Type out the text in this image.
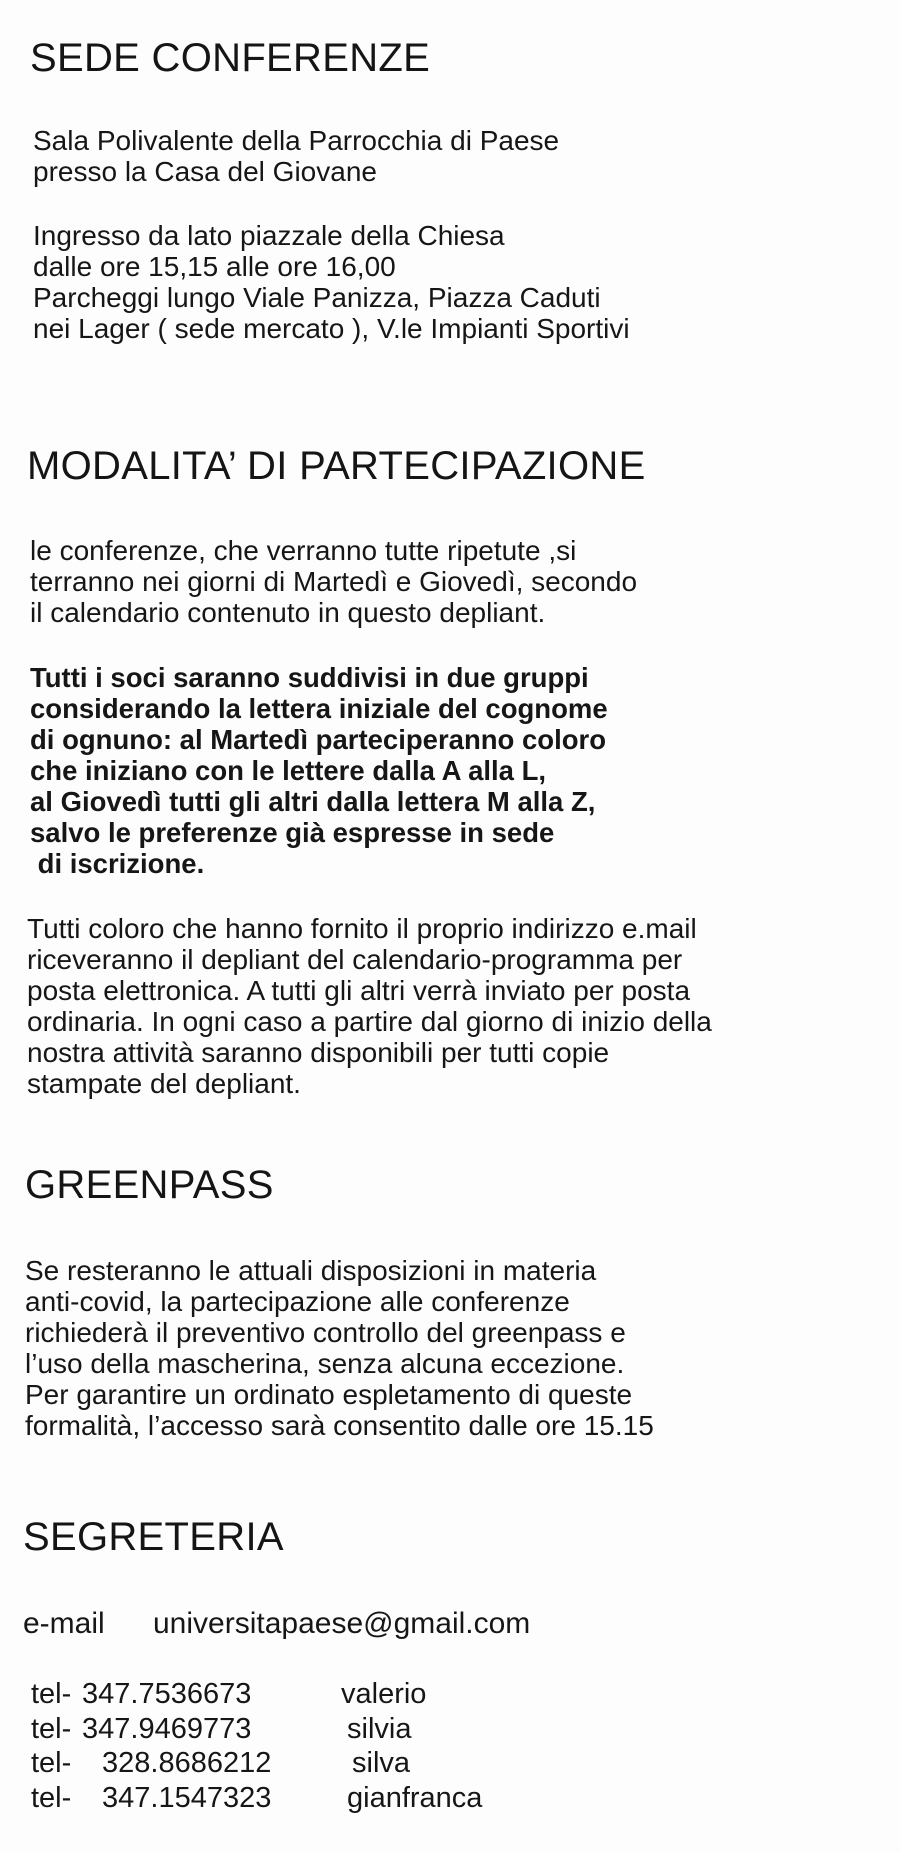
SEDE CONFERENZE

Sala Polivalente della Parrocchia di Paese
presso la Casa del Giovane

Ingresso da lato piazzale della Chiesa
dalle ore 15,15 alle ore 16,00
Parcheggi lungo Viale Panizza, Piazza Caduti
nei Lager ( sede mercato ), V.le Impianti Sportivi

MODALITA’ DI PARTECIPAZIONE

le conferenze, che verranno tutte ripetute ,si
terranno nei giorni di Martedì e Giovedì, secondo
il calendario contenuto in questo depliant.

Tutti i soci saranno suddivisi in due gruppi
considerando la lettera iniziale del cognome
di ognuno: al Martedì parteciperanno coloro
che iniziano con le lettere dalla A alla L,
al Giovedì tutti gli altri dalla lettera M alla Z,
salvo le preferenze già espresse in sede
di iscrizione.

Tutti coloro che hanno fornito il proprio indirizzo e.mail
riceveranno il depliant del calendario-programma per
posta elettronica. A tutti gli altri verrà inviato per posta
ordinaria. In ogni caso a partire dal giorno di inizio della
nostra attività saranno disponibili per tutti copie
stampate del depliant.

GREENPASS

Se resteranno le attuali disposizioni in materia
anti-covid, la partecipazione alle conferenze
richiederà il preventivo controllo del greenpass e
l’uso della mascherina, senza alcuna eccezione.
Per garantire un ordinato espletamento di queste
formalità, l’accesso sarà consentito dalle ore 15.15

SEGRETERIA
e-mail universitapaese@gmail.com
tel- 347.7536673	valerio
tel- 347.9469773	silvia
tel- 328.8686212	silva
tel- 347.1547323	gianfranca
